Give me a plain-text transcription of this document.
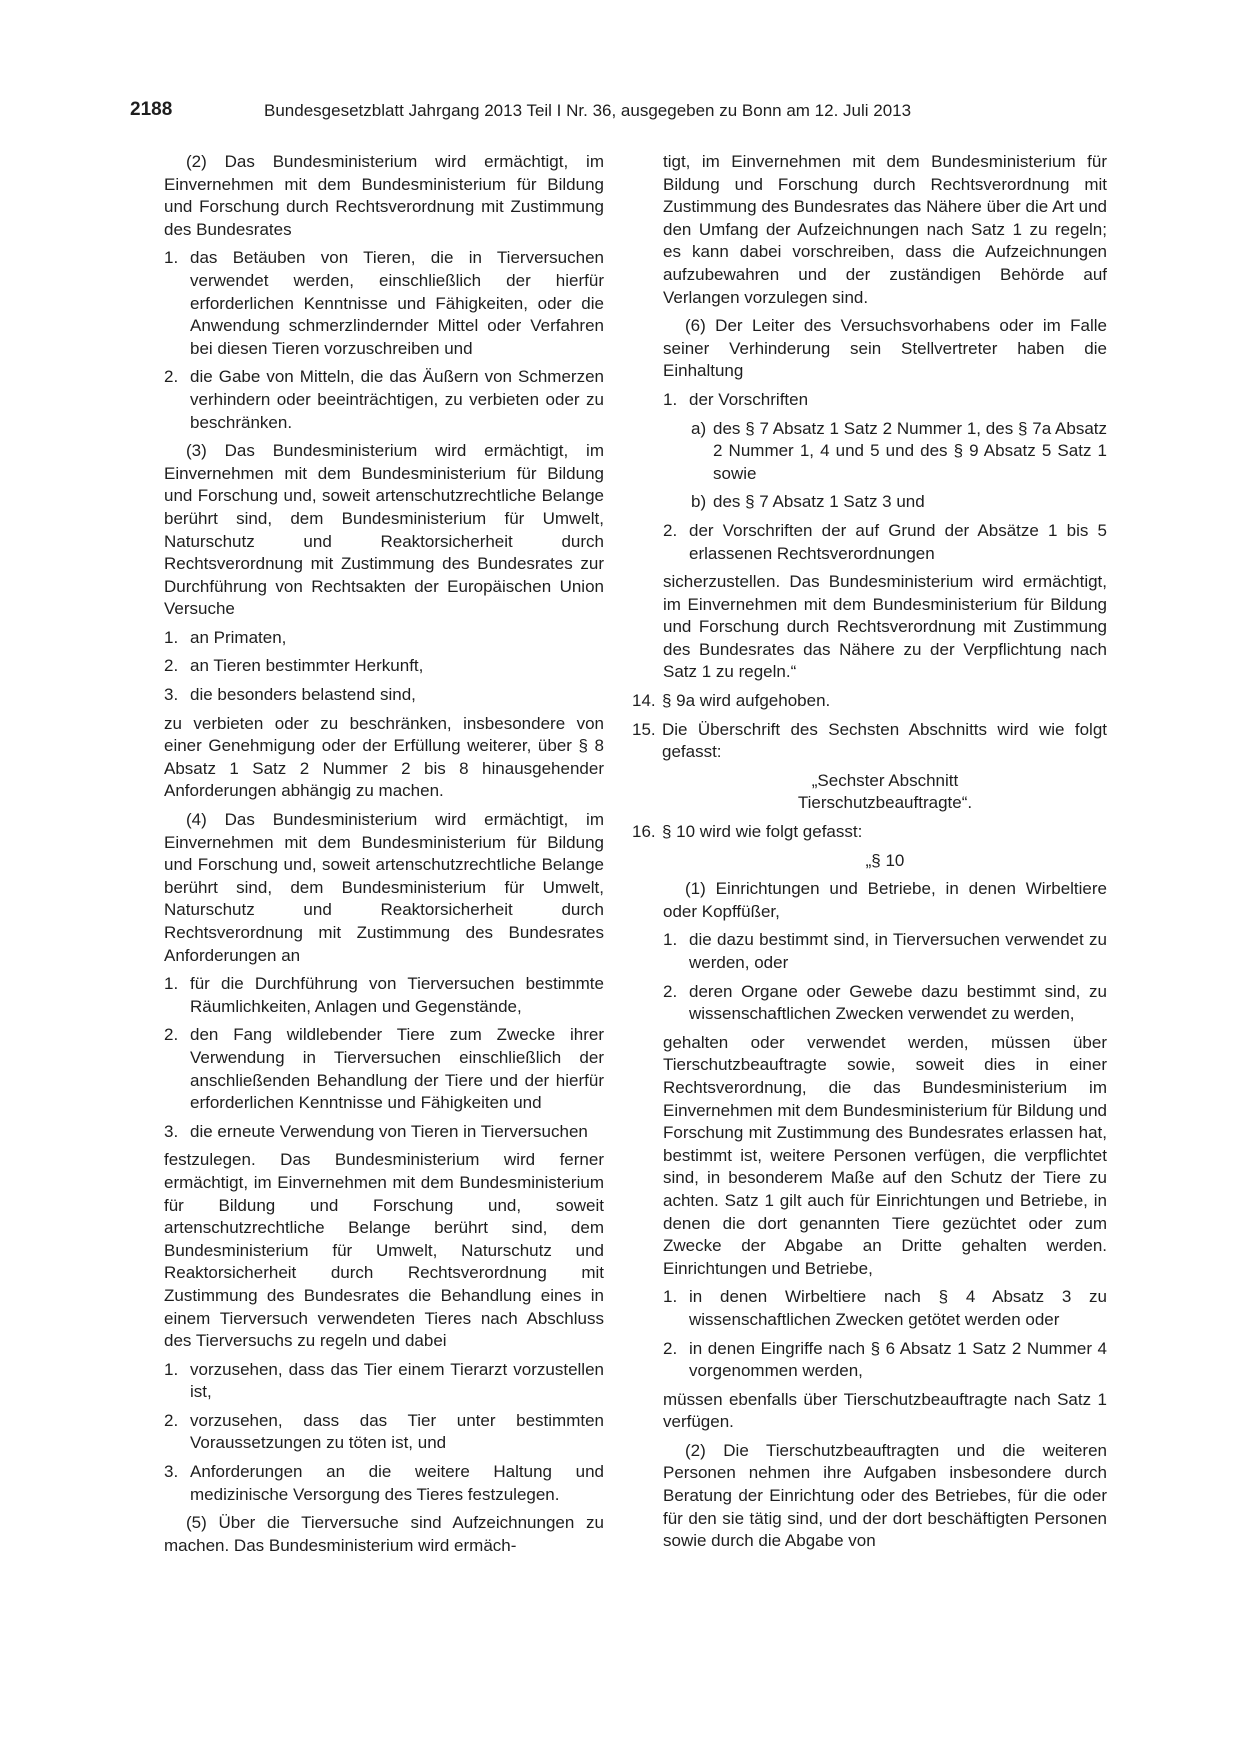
2188	Bundesgesetzblatt Jahrgang 2013 Teil I Nr. 36, ausgegeben zu Bonn am 12. Juli 2013

(2) Das Bundesministerium wird ermächtigt, im Einvernehmen mit dem Bundesministerium für Bildung und Forschung durch Rechtsverordnung mit Zustimmung des Bundesrates

1. das Betäuben von Tieren, die in Tierversuchen verwendet werden, einschließlich der hierfür erforderlichen Kenntnisse und Fähigkeiten, oder die Anwendung schmerzlindernder Mittel oder Verfahren bei diesen Tieren vorzuschreiben und
2. die Gabe von Mitteln, die das Äußern von Schmerzen verhindern oder beeinträchtigen, zu verbieten oder zu beschränken.

(3) Das Bundesministerium wird ermächtigt, im Einvernehmen mit dem Bundesministerium für Bildung und Forschung und, soweit artenschutzrechtliche Belange berührt sind, dem Bundesministerium für Umwelt, Naturschutz und Reaktorsicherheit durch Rechtsverordnung mit Zustimmung des Bundesrates zur Durchführung von Rechtsakten der Europäischen Union Versuche

1. an Primaten,
2. an Tieren bestimmter Herkunft,
3. die besonders belastend sind,

zu verbieten oder zu beschränken, insbesondere von einer Genehmigung oder der Erfüllung weiterer, über § 8 Absatz 1 Satz 2 Nummer 2 bis 8 hinausgehender Anforderungen abhängig zu machen.

(4) Das Bundesministerium wird ermächtigt, im Einvernehmen mit dem Bundesministerium für Bildung und Forschung und, soweit artenschutzrechtliche Belange berührt sind, dem Bundesministerium für Umwelt, Naturschutz und Reaktorsicherheit durch Rechtsverordnung mit Zustimmung des Bundesrates Anforderungen an

1. für die Durchführung von Tierversuchen bestimmte Räumlichkeiten, Anlagen und Gegenstände,
2. den Fang wildlebender Tiere zum Zwecke ihrer Verwendung in Tierversuchen einschließlich der anschließenden Behandlung der Tiere und der hierfür erforderlichen Kenntnisse und Fähigkeiten und
3. die erneute Verwendung von Tieren in Tierversuchen

festzulegen. Das Bundesministerium wird ferner ermächtigt, im Einvernehmen mit dem Bundesministerium für Bildung und Forschung und, soweit artenschutzrechtliche Belange berührt sind, dem Bundesministerium für Umwelt, Naturschutz und Reaktorsicherheit durch Rechtsverordnung mit Zustimmung des Bundesrates die Behandlung eines in einem Tierversuch verwendeten Tieres nach Abschluss des Tierversuchs zu regeln und dabei

1. vorzusehen, dass das Tier einem Tierarzt vorzustellen ist,
2. vorzusehen, dass das Tier unter bestimmten Voraussetzungen zu töten ist, und
3. Anforderungen an die weitere Haltung und medizinische Versorgung des Tieres festzulegen.

(5) Über die Tierversuche sind Aufzeichnungen zu machen. Das Bundesministerium wird ermäch-

tigt, im Einvernehmen mit dem Bundesministerium für Bildung und Forschung durch Rechtsverordnung mit Zustimmung des Bundesrates das Nähere über die Art und den Umfang der Aufzeichnungen nach Satz 1 zu regeln; es kann dabei vorschreiben, dass die Aufzeichnungen aufzubewahren und der zuständigen Behörde auf Verlangen vorzulegen sind.

(6) Der Leiter des Versuchsvorhabens oder im Falle seiner Verhinderung sein Stellvertreter haben die Einhaltung

1. der Vorschriften
a) des § 7 Absatz 1 Satz 2 Nummer 1, des § 7a Absatz 2 Nummer 1, 4 und 5 und des § 9 Absatz 5 Satz 1 sowie
b) des § 7 Absatz 1 Satz 3 und
2. der Vorschriften der auf Grund der Absätze 1 bis 5 erlassenen Rechtsverordnungen

sicherzustellen. Das Bundesministerium wird ermächtigt, im Einvernehmen mit dem Bundesministerium für Bildung und Forschung durch Rechtsverordnung mit Zustimmung des Bundesrates das Nähere zu der Verpflichtung nach Satz 1 zu regeln.“

14. § 9a wird aufgehoben.
15. Die Überschrift des Sechsten Abschnitts wird wie folgt gefasst:
„Sechster Abschnitt
Tierschutzbeauftragte“.
16. § 10 wird wie folgt gefasst:
„§ 10

(1) Einrichtungen und Betriebe, in denen Wirbeltiere oder Kopffüßer,

1. die dazu bestimmt sind, in Tierversuchen verwendet zu werden, oder
2. deren Organe oder Gewebe dazu bestimmt sind, zu wissenschaftlichen Zwecken verwendet zu werden,

gehalten oder verwendet werden, müssen über Tierschutzbeauftragte sowie, soweit dies in einer Rechtsverordnung, die das Bundesministerium im Einvernehmen mit dem Bundesministerium für Bildung und Forschung mit Zustimmung des Bundesrates erlassen hat, bestimmt ist, weitere Personen verfügen, die verpflichtet sind, in besonderem Maße auf den Schutz der Tiere zu achten. Satz 1 gilt auch für Einrichtungen und Betriebe, in denen die dort genannten Tiere gezüchtet oder zum Zwecke der Abgabe an Dritte gehalten werden. Einrichtungen und Betriebe,

1. in denen Wirbeltiere nach § 4 Absatz 3 zu wissenschaftlichen Zwecken getötet werden oder
2. in denen Eingriffe nach § 6 Absatz 1 Satz 2 Nummer 4 vorgenommen werden,

müssen ebenfalls über Tierschutzbeauftragte nach Satz 1 verfügen.

(2) Die Tierschutzbeauftragten und die weiteren Personen nehmen ihre Aufgaben insbesondere durch Beratung der Einrichtung oder des Betriebes, für die oder für den sie tätig sind, und der dort beschäftigten Personen sowie durch die Abgabe von
